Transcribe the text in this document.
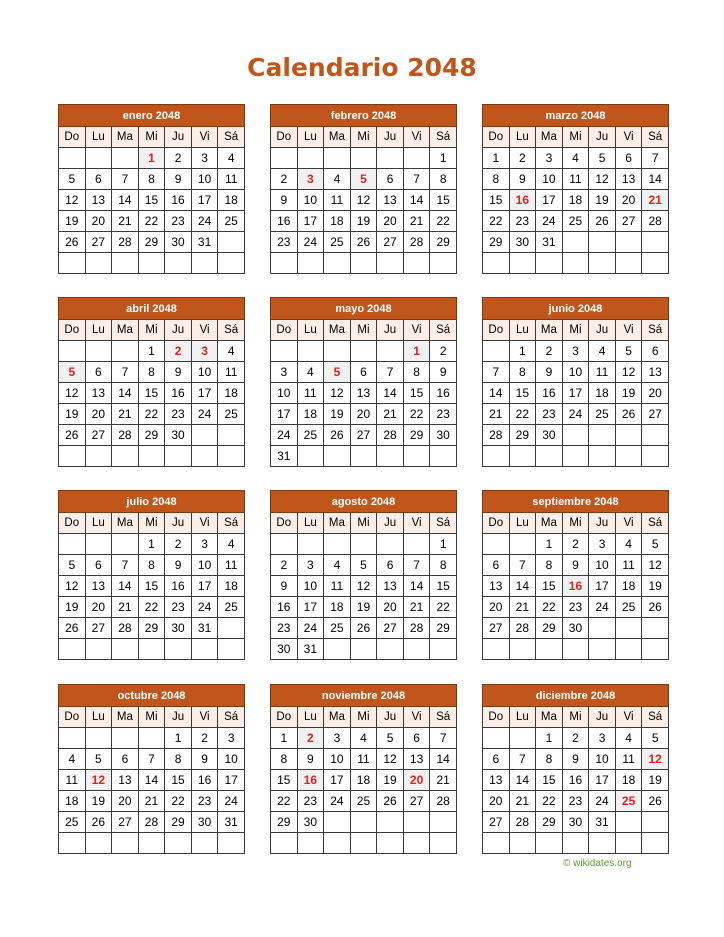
Calendario 2048
enero 2048						
Do	Lu	Ma	Mi	Ju	Vi	Sá
			1	2	3	4
5	6	7	8	9	10	11
12	13	14	15	16	17	18
19	20	21	22	23	24	25
26	27	28	29	30	31	

febrero 2048						
Do	Lu	Ma	Mi	Ju	Vi	Sá
						1
2	3	4	5	6	7	8
9	10	11	12	13	14	15
16	17	18	19	20	21	22
23	24	25	26	27	28	29

marzo 2048						
Do	Lu	Ma	Mi	Ju	Vi	Sá
1	2	3	4	5	6	7
8	9	10	11	12	13	14
15	16	17	18	19	20	21
22	23	24	25	26	27	28
29	30	31				

abril 2048						
Do	Lu	Ma	Mi	Ju	Vi	Sá
			1	2	3	4
5	6	7	8	9	10	11
12	13	14	15	16	17	18
19	20	21	22	23	24	25
26	27	28	29	30		

mayo 2048						
Do	Lu	Ma	Mi	Ju	Vi	Sá
					1	2
3	4	5	6	7	8	9
10	11	12	13	14	15	16
17	18	19	20	21	22	23
24	25	26	27	28	29	30
31						
junio 2048						
Do	Lu	Ma	Mi	Ju	Vi	Sá
	1	2	3	4	5	6
7	8	9	10	11	12	13
14	15	16	17	18	19	20
21	22	23	24	25	26	27
28	29	30				

julio 2048						
Do	Lu	Ma	Mi	Ju	Vi	Sá
			1	2	3	4
5	6	7	8	9	10	11
12	13	14	15	16	17	18
19	20	21	22	23	24	25
26	27	28	29	30	31	

agosto 2048						
Do	Lu	Ma	Mi	Ju	Vi	Sá
						1
2	3	4	5	6	7	8
9	10	11	12	13	14	15
16	17	18	19	20	21	22
23	24	25	26	27	28	29
30	31					
septiembre 2048						
Do	Lu	Ma	Mi	Ju	Vi	Sá
		1	2	3	4	5
6	7	8	9	10	11	12
13	14	15	16	17	18	19
20	21	22	23	24	25	26
27	28	29	30			

octubre 2048						
Do	Lu	Ma	Mi	Ju	Vi	Sá
				1	2	3
4	5	6	7	8	9	10
11	12	13	14	15	16	17
18	19	20	21	22	23	24
25	26	27	28	29	30	31

noviembre 2048						
Do	Lu	Ma	Mi	Ju	Vi	Sá
1	2	3	4	5	6	7
8	9	10	11	12	13	14
15	16	17	18	19	20	21
22	23	24	25	26	27	28
29	30					

diciembre 2048						
Do	Lu	Ma	Mi	Ju	Vi	Sá
		1	2	3	4	5
6	7	8	9	10	11	12
13	14	15	16	17	18	19
20	21	22	23	24	25	26
27	28	29	30	31		

© wikidates.org
